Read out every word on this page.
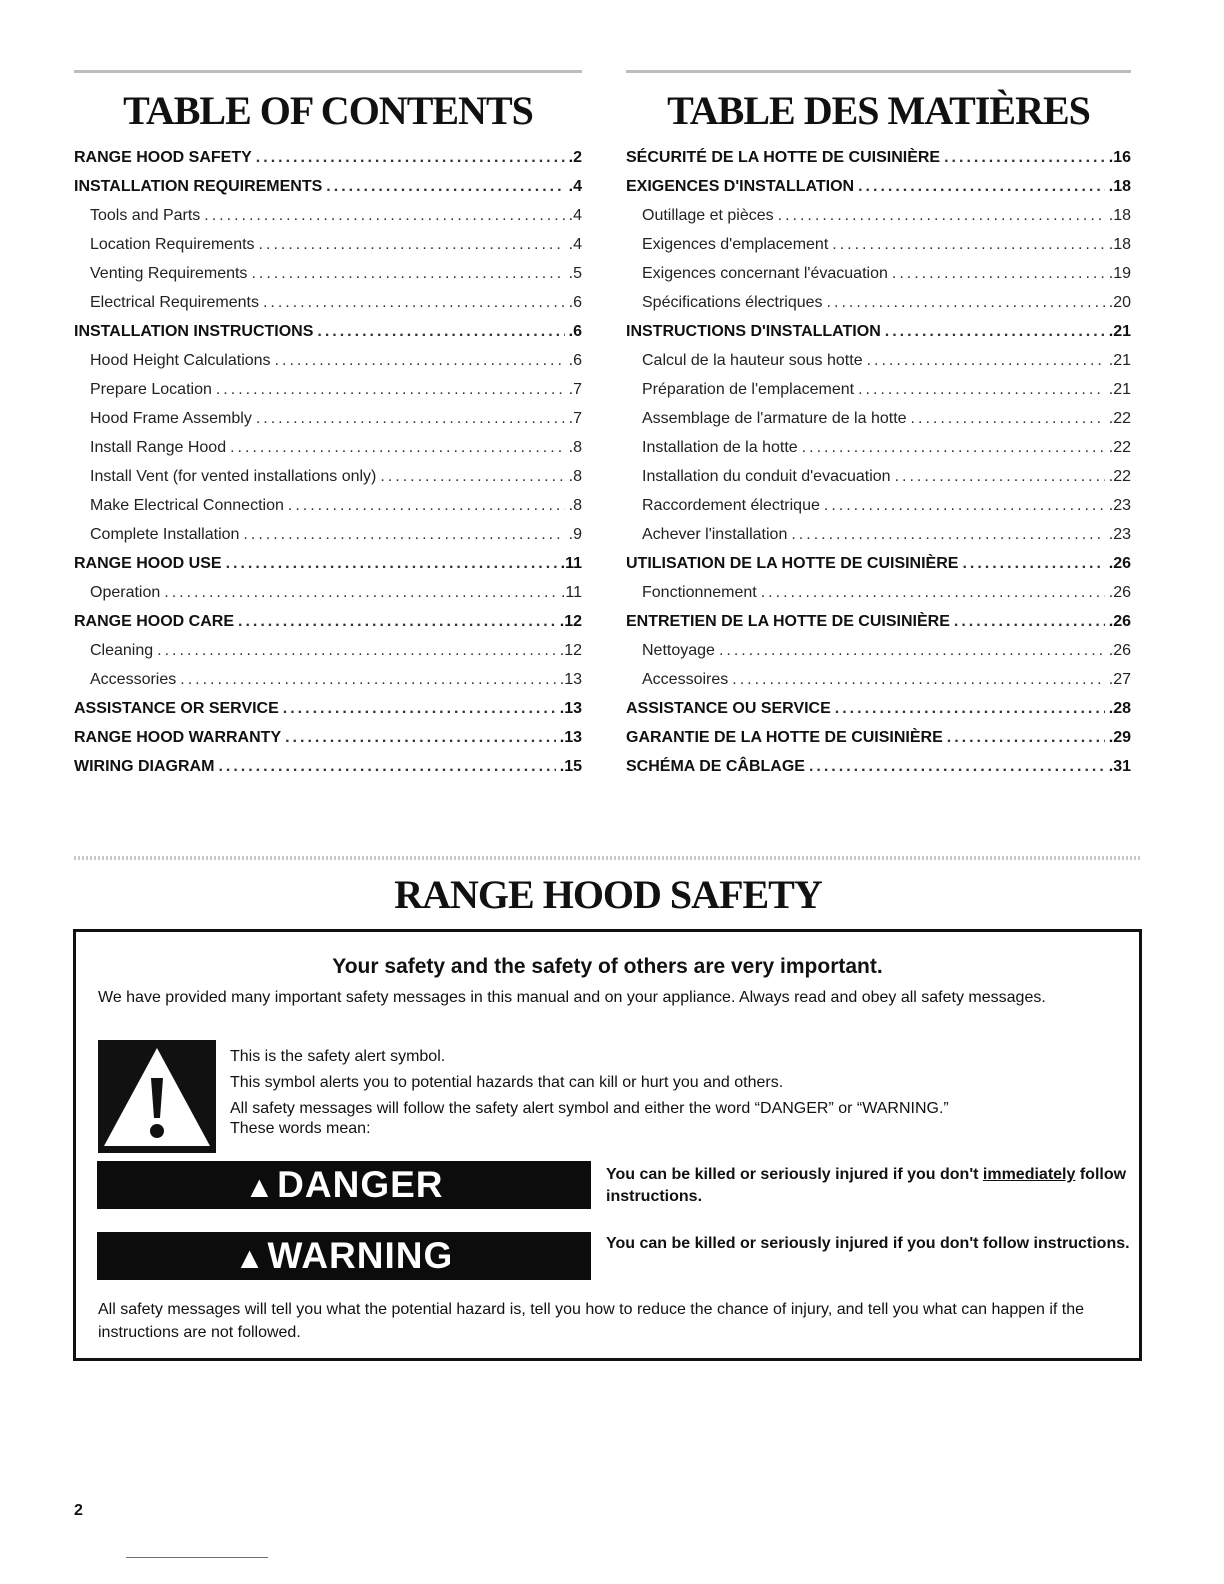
TABLE OF CONTENTS
RANGE HOOD SAFETY .....	.2
INSTALLATION REQUIREMENTS .....	.4
Tools and Parts .....	.4
Location Requirements .....	.4
Venting Requirements .....	.5
Electrical Requirements .....	.6
INSTALLATION INSTRUCTIONS .....	.6
Hood Height Calculations .....	.6
Prepare Location .....	.7
Hood Frame Assembly .....	.7
Install Range Hood .....	.8
Install Vent (for vented installations only) .....	.8
Make Electrical Connection .....	.8
Complete Installation .....	.9
RANGE HOOD USE .....	.11
Operation .....	.11
RANGE HOOD CARE .....	.12
Cleaning .....	.12
Accessories .....	.13
ASSISTANCE OR SERVICE .....	.13
RANGE HOOD WARRANTY .....	.13
WIRING DIAGRAM .....	.15
TABLE DES MATIÈRES
SÉCURITÉ DE LA HOTTE DE CUISINIÈRE .....	.16
EXIGENCES D'INSTALLATION .....	.18
Outillage et pièces .....	.18
Exigences d'emplacement .....	.18
Exigences concernant l'évacuation .....	.19
Spécifications électriques .....	.20
INSTRUCTIONS D'INSTALLATION .....	.21
Calcul de la hauteur sous hotte .....	.21
Préparation de l'emplacement .....	.21
Assemblage de l'armature de la hotte .....	.22
Installation de la hotte .....	.22
Installation du conduit d'evacuation .....	.22
Raccordement électrique .....	.23
Achever l'installation .....	.23
UTILISATION DE LA HOTTE DE CUISINIÈRE .....	.26
Fonctionnement .....	.26
ENTRETIEN DE LA HOTTE DE CUISINIÈRE .....	.26
Nettoyage .....	.26
Accessoires .....	.27
ASSISTANCE OU SERVICE .....	.28
GARANTIE DE LA HOTTE DE CUISINIÈRE .....	.29
SCHÉMA DE CÂBLAGE .....	.31
RANGE HOOD SAFETY

Your safety and the safety of others are very important.

We have provided many important safety messages in this manual and on your appliance. Always read and obey all safety messages.

This is the safety alert symbol.

This symbol alerts you to potential hazards that can kill or hurt you and others.

All safety messages will follow the safety alert symbol and either the word “DANGER” or “WARNING.”

These words mean:

▲DANGER	You can be killed or seriously injured if you don't immediately follow instructions.
▲WARNING	You can be killed or seriously injured if you don't follow instructions.

All safety messages will tell you what the potential hazard is, tell you how to reduce the chance of injury, and tell you what can happen if the instructions are not followed.

2
